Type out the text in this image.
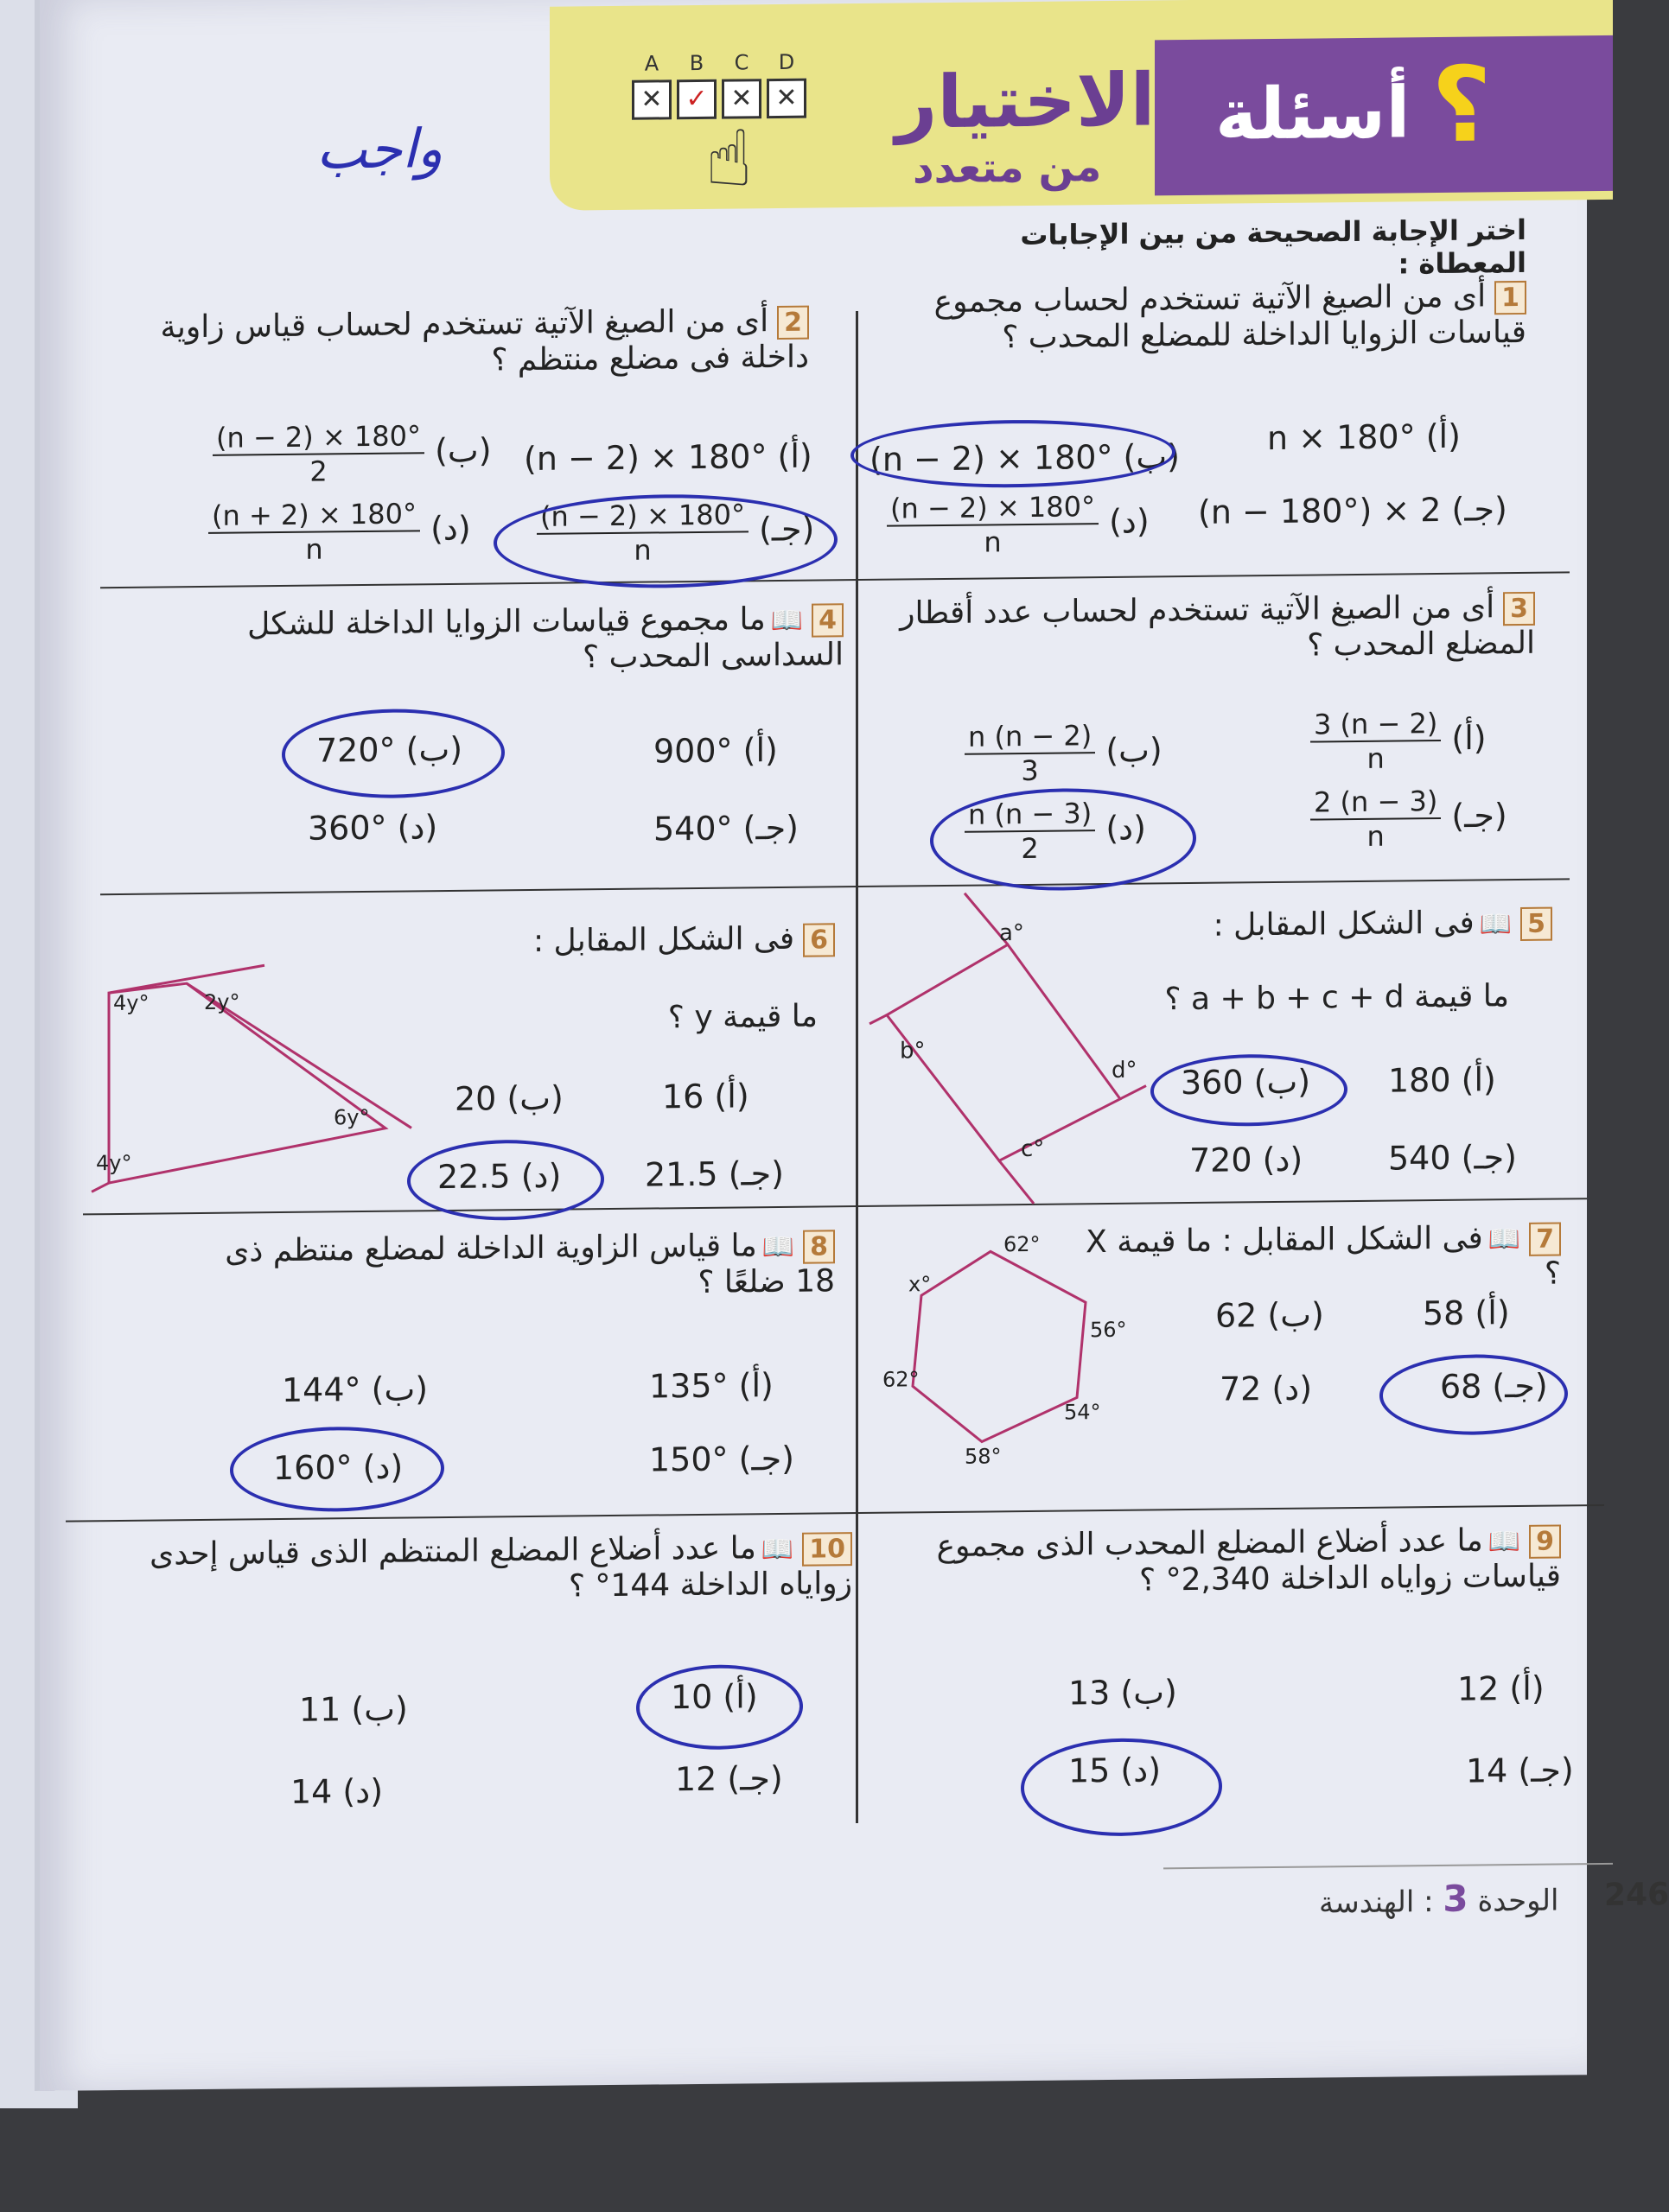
أسئلة ؟
الاختيار
من متعدد
A
✕
B
✓
C
✕
D
✕
☝
واجب
اختر الإجابة الصحيحة من بين الإجابات المعطاة :
1أى من الصيغ الآتية تستخدم لحساب مجموع قياسات الزوايا الداخلة للمضلع المحدب ؟
n × 180° (أ)
(n − 2) × 180° (ب)
(n − 180°) × 2 (جـ)
$\frac{(n - 2) \times 180^\circ}{n}$ (د)
2أى من الصيغ الآتية تستخدم لحساب قياس زاوية داخلة فى مضلع منتظم ؟
(n − 2) × 180° (أ)
$\frac{(n - 2) \times 180^\circ}{2}$ (ب)
$\frac{(n - 2) \times 180^\circ}{n}$ (جـ)
$\frac{(n + 2) \times 180^\circ}{n}$ (د)
3أى من الصيغ الآتية تستخدم لحساب عدد أقطار المضلع المحدب ؟
$\frac{3 (n - 2)}{n}$ (أ)
$\frac{n (n - 2)}{3}$ (ب)
$\frac{2 (n - 3)}{n}$ (جـ)
$\frac{n (n - 3)}{2}$ (د)
4📖ما مجموع قياسات الزوايا الداخلة للشكل السداسى المحدب ؟
900° (أ)
720° (ب)
540° (جـ)
360° (د)
5📖فى الشكل المقابل :
ما قيمة a + b + c + d ؟
180 (أ)
360 (ب)
540 (جـ)
720 (د)
a°
b°
c°
d°
6فى الشكل المقابل :
ما قيمة y ؟
16 (أ)
20 (ب)
21.5 (جـ)
22.5 (د)
4y°	2y°
6y°
4y°
7📖فى الشكل المقابل : ما قيمة X ؟
58 (أ)
62 (ب)
68 (جـ)
72 (د)
62°
x°
56°
62°
54°
58°
8📖ما قياس الزاوية الداخلة لمضلع منتظم ذى 18 ضلعًا ؟
135° (أ)
144° (ب)
150° (جـ)
160° (د)
9📖ما عدد أضلاع المضلع المحدب الذى مجموع قياسات زواياه الداخلة 2,340° ؟
12 (أ)
13 (ب)
14 (جـ)
15 (د)
10📖ما عدد أضلاع المضلع المنتظم الذى قياس إحدى زواياه الداخلة 144° ؟
10 (أ)
11 (ب)
12 (جـ)
14 (د)
الوحدة 3 : الهندسة	246
